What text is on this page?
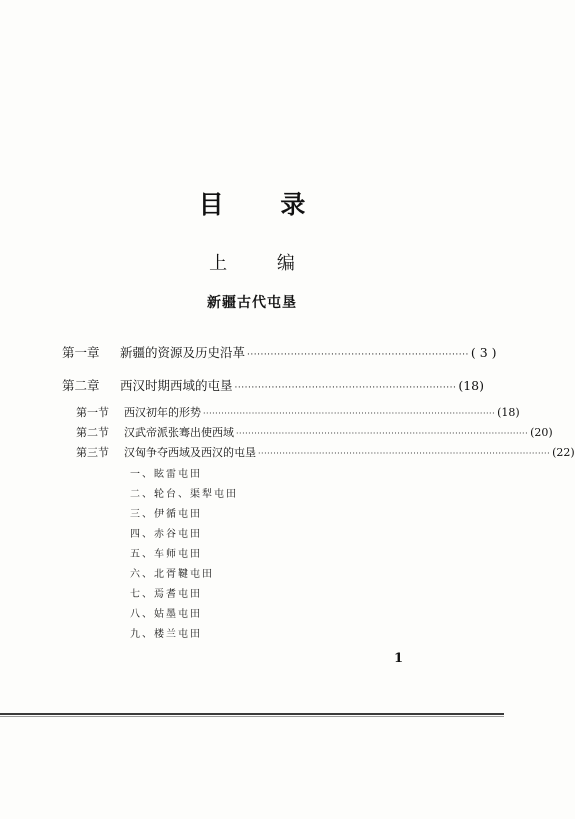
目 录
上 编
新疆古代屯垦
第一章	新疆的资源及历史沿革 ·································································· ( 3 )
第二章	西汉时期西域的屯垦 ·································································· (18)
第一节	西汉初年的形势 ································································································ (18)
第二节	汉武帝派张骞出使西域 ································································································ (20)
第三节	汉匈争夺西域及西汉的屯垦 ································································································ (22)
一、眩雷屯田
二、轮台、渠犁屯田
三、伊循屯田
四、赤谷屯田
五、车师屯田
六、北胥鞬屯田
七、焉耆屯田
八、姑墨屯田
九、楼兰屯田
1
